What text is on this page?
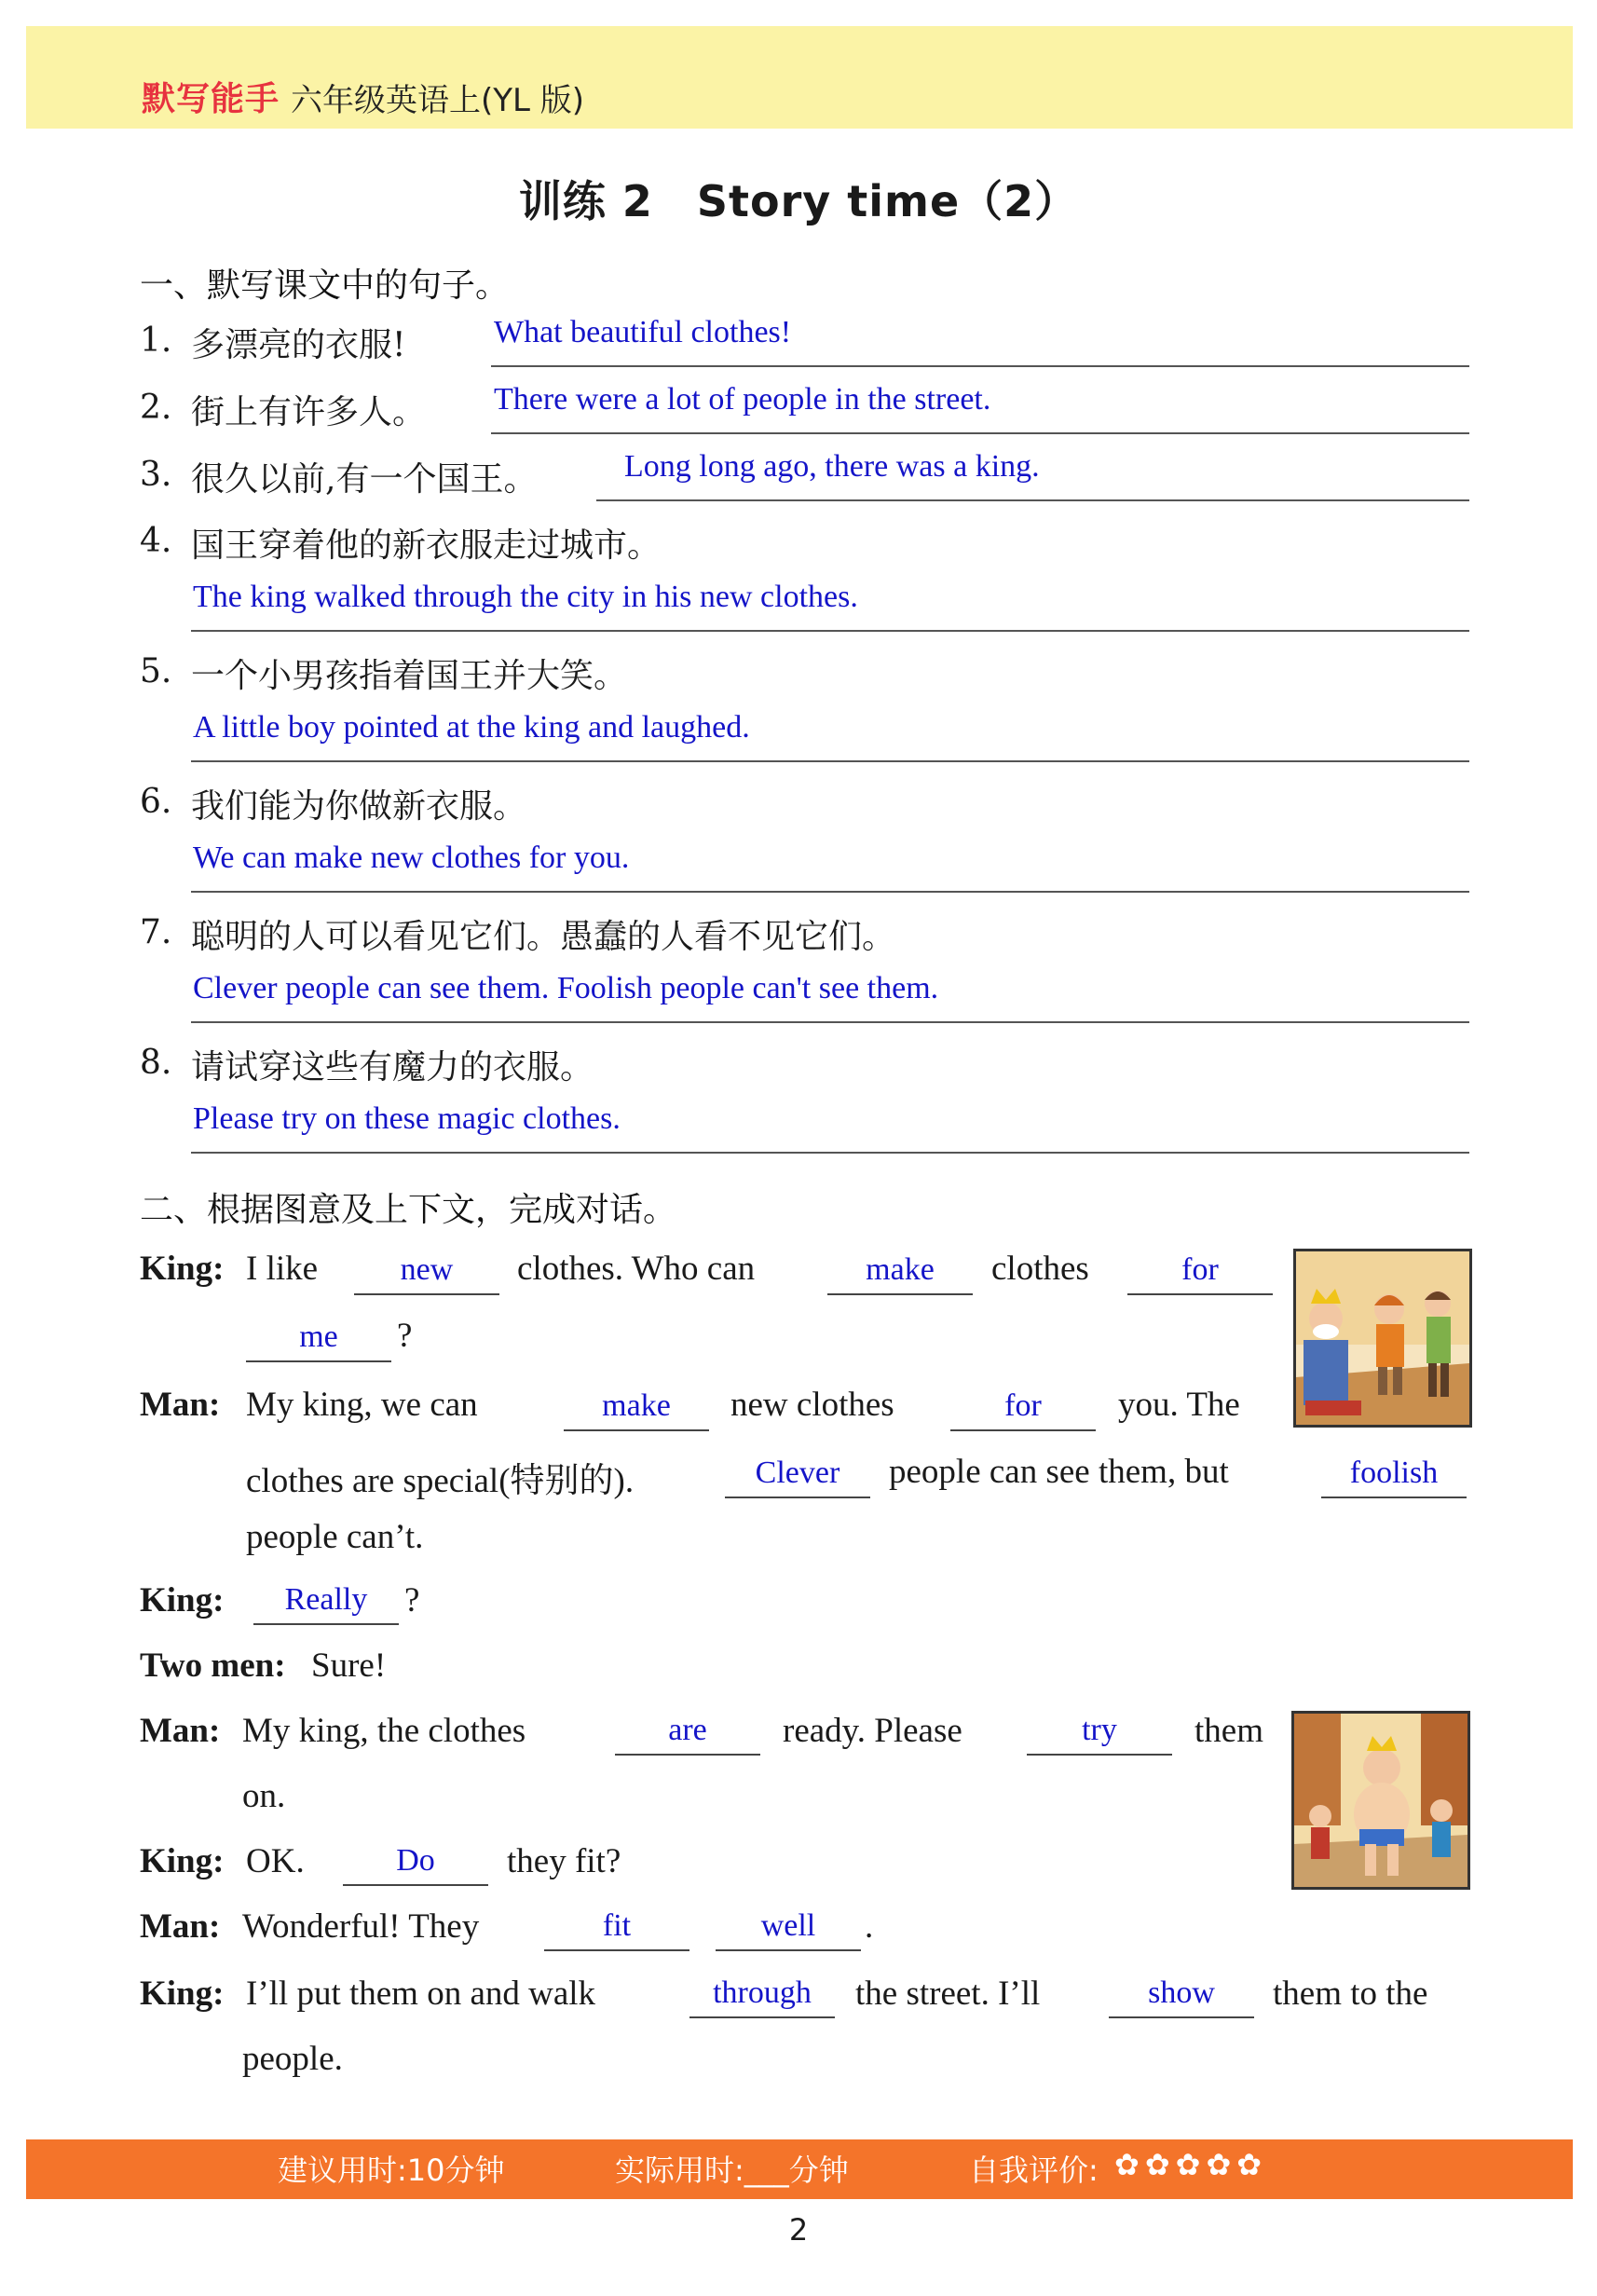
默写能手 六年级英语上(YL 版)
训练 2　Story time（2）
一、默写课文中的句子。
1. 多漂亮的衣服!	What beautiful clothes!
2. 街上有许多人。 There were a lot of people in the street.
3. 很久以前,有一个国王。	Long long ago, there was a king.
4. 国王穿着他的新衣服走过城市。
The king walked through the city in his new clothes.
5. 一个小男孩指着国王并大笑。
A little boy pointed at the king and laughed.
6. 我们能为你做新衣服。
We can make new clothes for you.
7. 聪明的人可以看见它们。愚蠢的人看不见它们。
Clever people can see them. Foolish people can't see them.
8. 请试穿这些有魔力的衣服。
Please try on these magic clothes.
二、根据图意及上下文，完成对话。
King: I like	new	clothes. Who can	make	clothes	for
me	?
Man: My king, we can	make	new clothes	for	you. The
clothes are special(特别的).	Clever	people can see them, but	foolish
people can’t.
King:	Really	?
Two men: Sure!
Man: My king, the clothes	are	ready. Please	try	them
on.
King: OK.	Do	they fit?
Man: Wonderful! They	fit	well	.
King: I’ll put them on and walk	through	the street. I’ll	show	them to the
people.
建议用时:10分钟	实际用时:___分钟	自我评价: ✿✿✿✿✿
2
